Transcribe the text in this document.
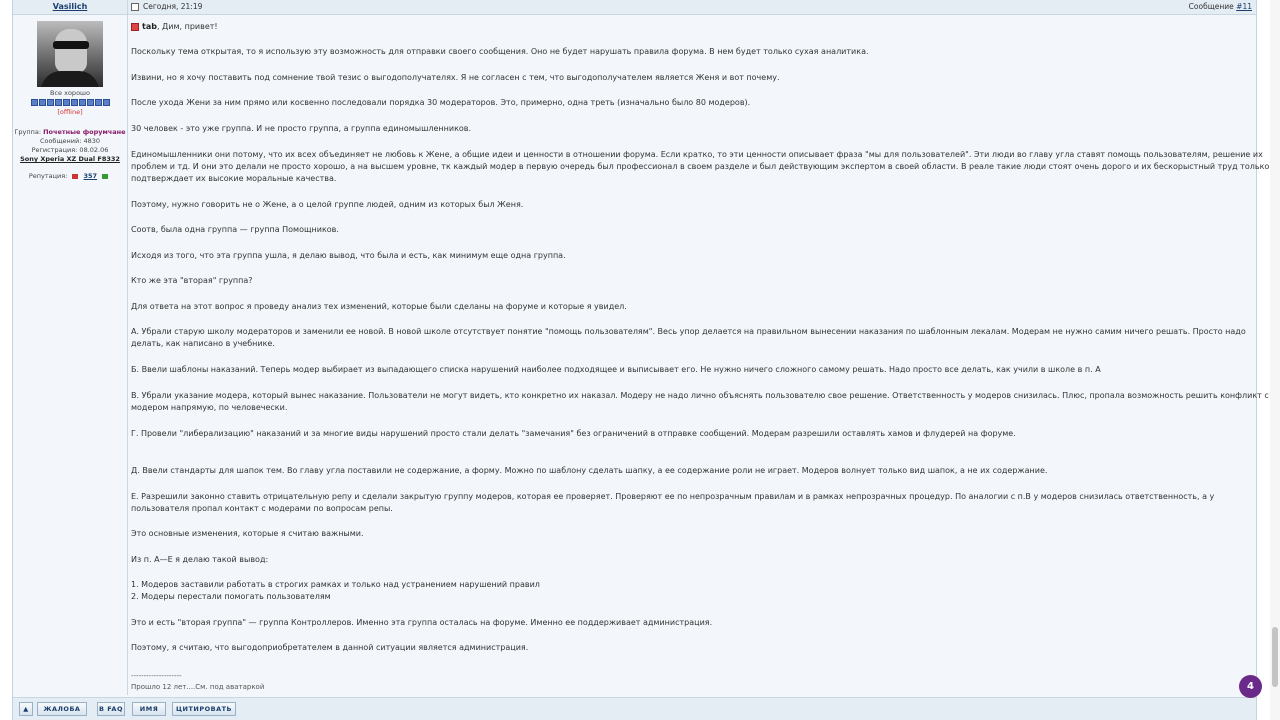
Vasilich	Сегодня, 21:19	Сообщение #11
Все хорошо
[offline]
Группа: Почетные форумчане
Сообщений: 4830
Регистрация: 08.02.06
Sony Xperia XZ Dual F8332
Репутация: 357
tab, Дим, привет!
Поскольку тема открытая, то я использую эту возможность для отправки своего сообщения. Оно не будет нарушать правила форума. В нем будет только сухая аналитика.
Извини, но я хочу поставить под сомнение твой тезис о выгодополучателях. Я не согласен с тем, что выгодополучателем является Женя и вот почему.
После ухода Жени за ним прямо или косвенно последовали порядка 30 модераторов. Это, примерно, одна треть (изначально было 80 модеров).
30 человек - это уже группа. И не просто группа, а группа единомышленников.
Единомышленники они потому, что их всех объединяет не любовь к Жене, а общие идеи и ценности в отношении форума. Если кратко, то эти ценности описывает фраза "мы для пользователей". Эти люди во главу угла ставят помощь пользователям, решение их
проблем и тд. И они это делали не просто хорошо, а на высшем уровне, тк каждый модер в первую очередь был профессионал в своем разделе и был действующим экспертом в своей области. В реале такие люди стоят очень дорого и их бескорыстный труд только
подтверждает их высокие моральные качества.
Поэтому, нужно говорить не о Жене, а о целой группе людей, одним из которых был Женя.
Соотв, была одна группа — группа Помощников.
Исходя из того, что эта группа ушла, я делаю вывод, что была и есть, как минимум еще одна группа.
Кто же эта "вторая" группа?
Для ответа на этот вопрос я проведу анализ тех изменений, которые были сделаны на форуме и которые я увидел.
А. Убрали старую школу модераторов и заменили ее новой. В новой школе отсутствует понятие "помощь пользователям". Весь упор делается на правильном вынесении наказания по шаблонным лекалам. Модерам не нужно самим ничего решать. Просто надо
делать, как написано в учебнике.
Б. Ввели шаблоны наказаний. Теперь модер выбирает из выпадающего списка нарушений наиболее подходящее и выписывает его. Не нужно ничего сложного самому решать. Надо просто все делать, как учили в школе в п. А
В. Убрали указание модера, который вынес наказание. Пользователи не могут видеть, кто конкретно их наказал. Модеру не надо лично объяснять пользователю свое решение. Ответственность у модеров снизилась. Плюс, пропала возможность решить конфликт с
модером напрямую, по человечески.
Г. Провели "либерализацию" наказаний и за многие виды нарушений просто стали делать "замечания" без ограничений в отправке сообщений. Модерам разрешили оставлять хамов и флудерей на форуме.
Д. Ввели стандарты для шапок тем. Во главу угла поставили не содержание, а форму. Можно по шаблону сделать шапку, а ее содержание роли не играет. Модеров волнует только вид шапок, а не их содержание.
Е. Разрешили законно ставить отрицательную репу и сделали закрытую группу модеров, которая ее проверяет. Проверяют ее по непрозрачным правилам и в рамках непрозрачных процедур. По аналогии с п.В у модеров снизилась ответственность, а у
пользователя пропал контакт с модерами по вопросам репы.
Это основные изменения, которые я считаю важными.
Из п. А—Е я делаю такой вывод:
1. Модеров заставили работать в строгих рамках и только над устранением нарушений правил
2. Модеры перестали помогать пользователям
Это и есть "вторая группа" — группа Контроллеров. Именно эта группа осталась на форуме. Именно ее поддерживает администрация.
Поэтому, я считаю, что выгодоприобретателем в данной ситуации является администрация.
--------------------
Прошло 12 лет....См. под аватаркой
▲	ЖАЛОБА	В FAQ	ИМЯ	ЦИТИРОВАТЬ
4
